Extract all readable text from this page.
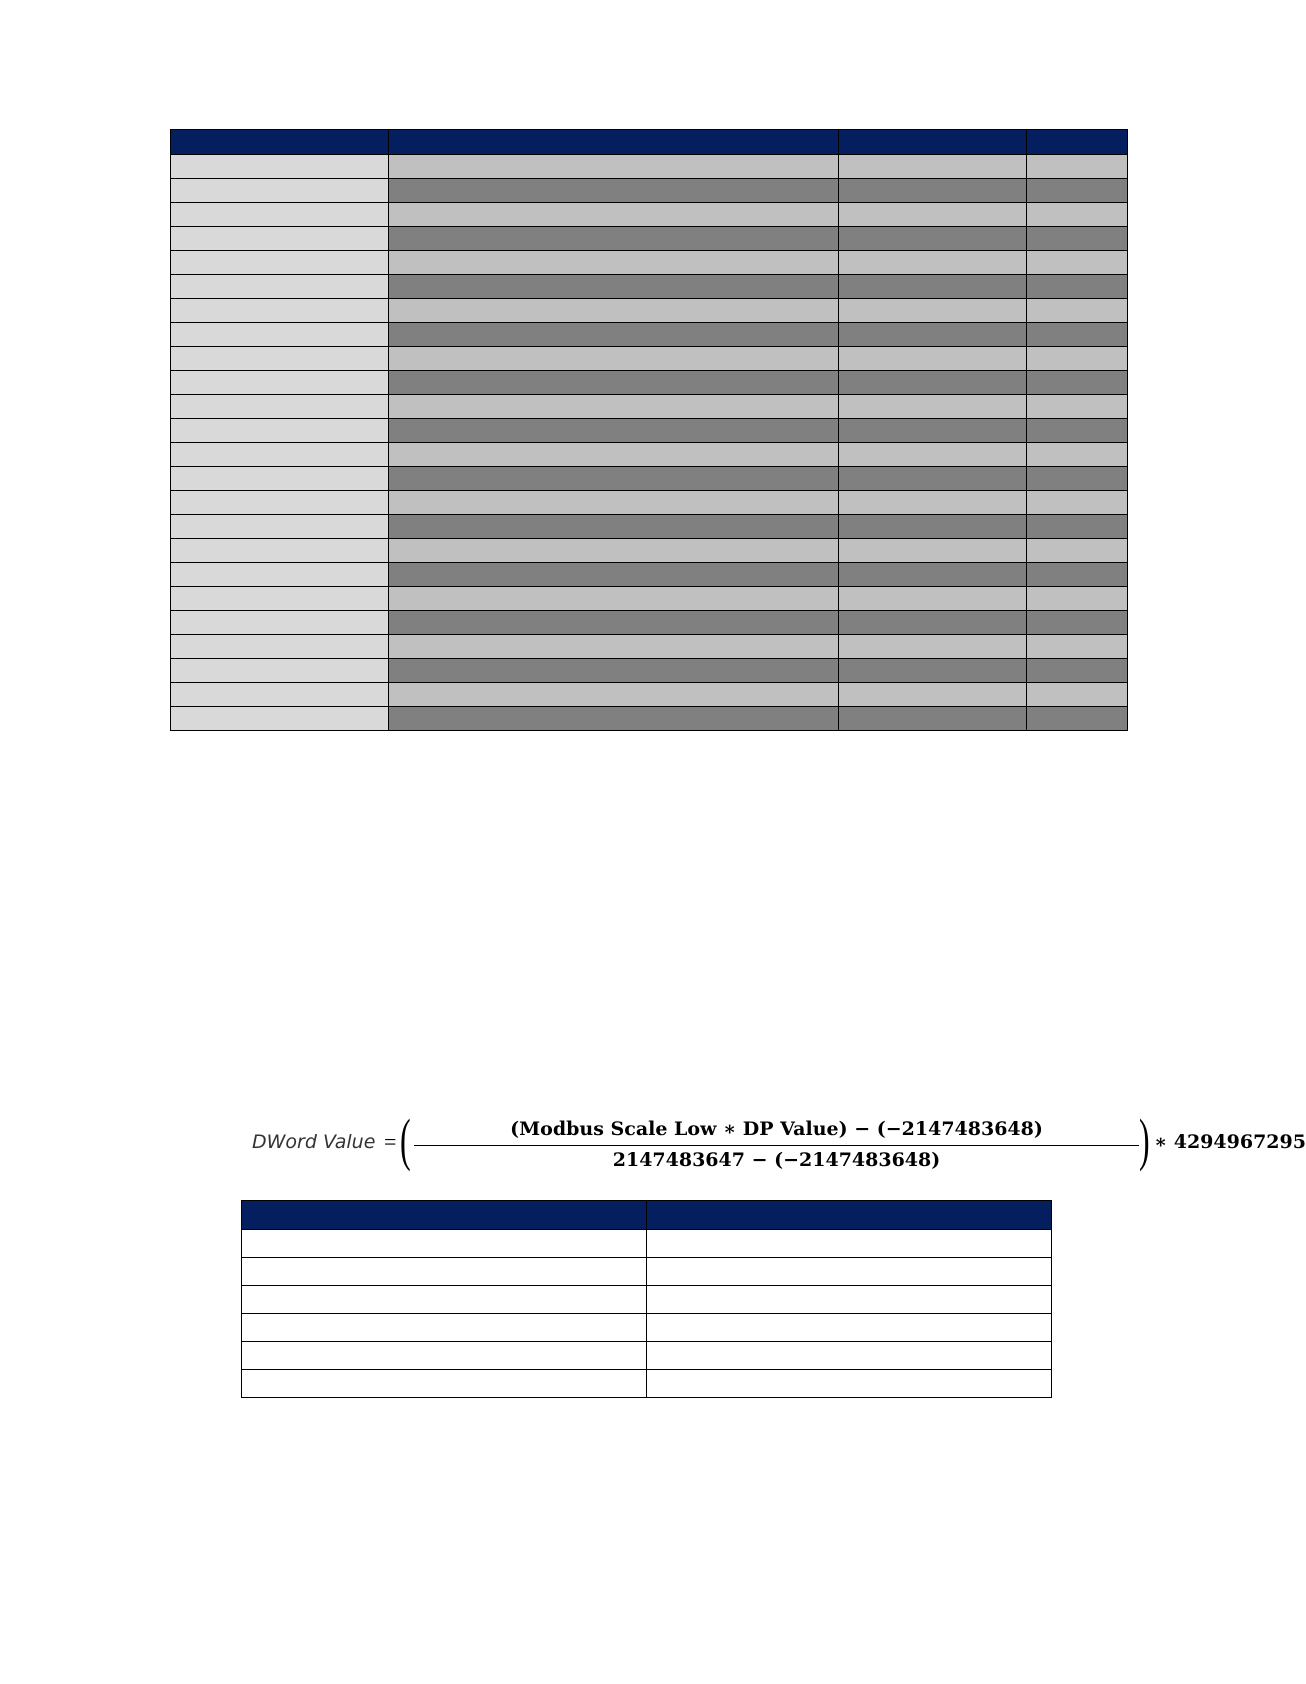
DWord Value = (	(Modbus Scale Low ∗ DP Value) − (−2147483648)
2147483647 − (−2147483648)	) ∗ 4294967295
